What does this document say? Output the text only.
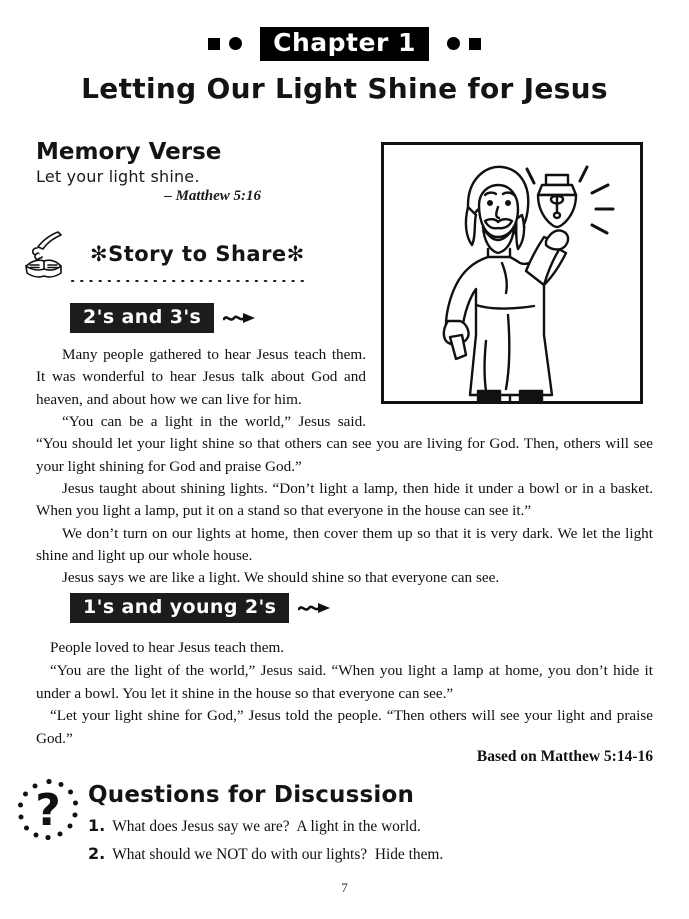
Chapter 1
Letting Our Light Shine for Jesus
Memory Verse
Let your light shine.
– Matthew 5:16
✻Story to Share✻
2's and 3's

Many people gathered to hear Jesus teach them. It was wonderful to hear Jesus talk about God and heaven, and about how we can live for him.

“You can be a light in the world,” Jesus said. “You should let your light shine so that others can see you are living for God. Then, others will see your light shining for God and praise God.”

Jesus taught about shining lights. “Don’t light a lamp, then hide it under a bowl or in a basket. When you light a lamp, put it on a stand so that everyone in the house can see it.”

We don’t turn on our lights at home, then cover them up so that it is very dark. We let the light shine and light up our whole house.

Jesus says we are like a light. We should shine so that everyone can see.

1's and young 2's

People loved to hear Jesus teach them.

“You are the light of the world,” Jesus said. “When you light a lamp at home, you don’t hide it under a bowl. You let it shine in the house so that everyone can see.”

“Let your light shine for God,” Jesus told the people. “Then others will see your light and praise God.”

Based on Matthew 5:14-16
? Questions for Discussion
1. What does Jesus say we are?  A light in the world.
2. What should we NOT do with our lights?  Hide them.
7
